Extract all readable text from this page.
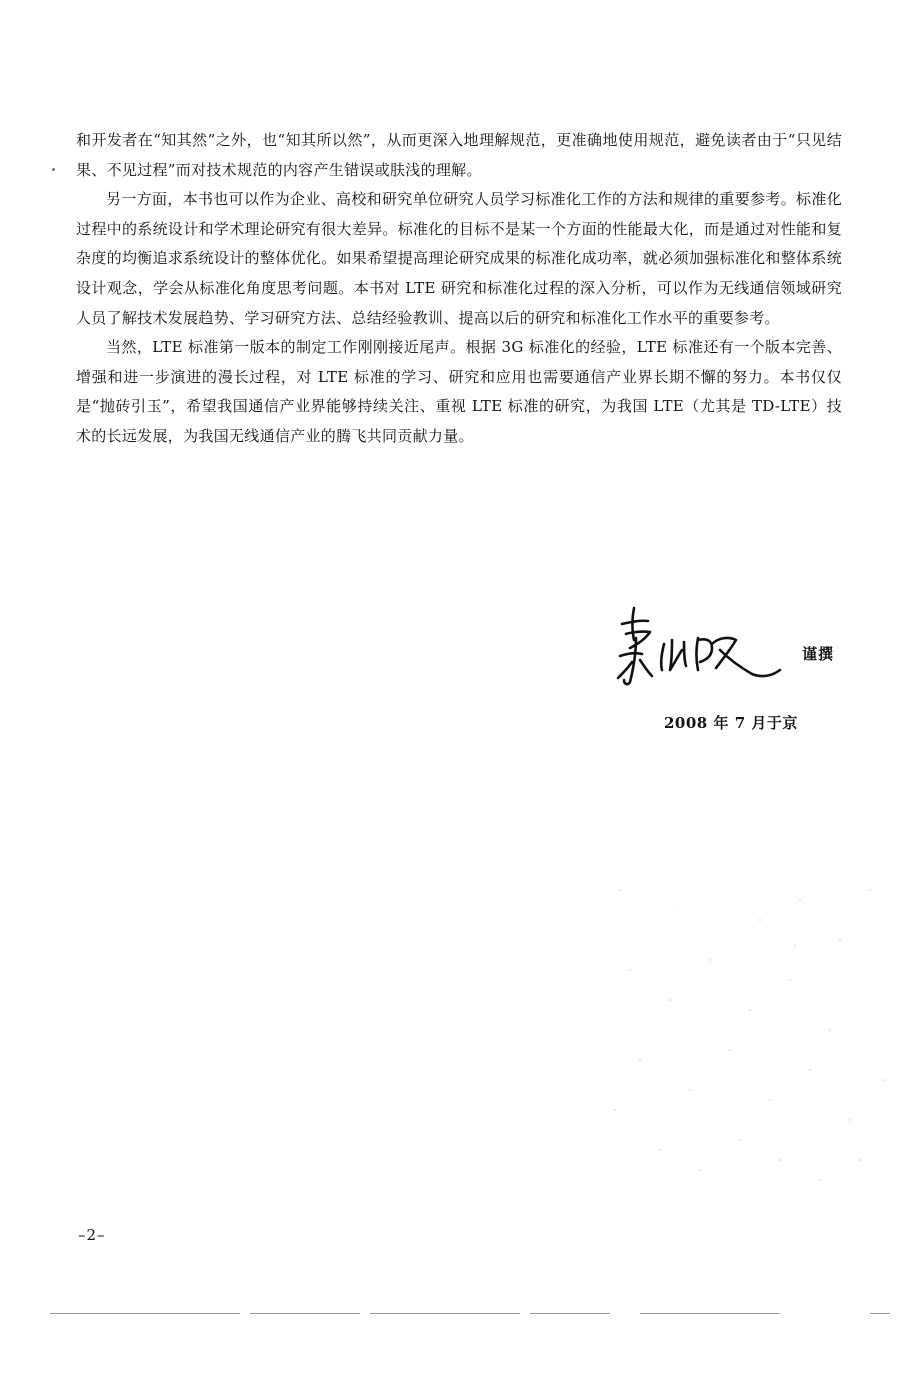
和开发者在“知其然”之外，也“知其所以然”，从而更深入地理解规范，更准确地使用规范，避免读者由于“只见结果、不见过程”而对技术规范的内容产生错误或肤浅的理解。

另一方面，本书也可以作为企业、高校和研究单位研究人员学习标准化工作的方法和规律的重要参考。标准化过程中的系统设计和学术理论研究有很大差异。标准化的目标不是某一个方面的性能最大化，而是通过对性能和复杂度的均衡追求系统设计的整体优化。如果希望提高理论研究成果的标准化成功率，就必须加强标准化和整体系统设计观念，学会从标准化角度思考问题。本书对 LTE 研究和标准化过程的深入分析，可以作为无线通信领域研究人员了解技术发展趋势、学习研究方法、总结经验教训、提高以后的研究和标准化工作水平的重要参考。

当然，LTE 标准第一版本的制定工作刚刚接近尾声。根据 3G 标准化的经验，LTE 标准还有一个版本完善、增强和进一步演进的漫长过程，对 LTE 标准的学习、研究和应用也需要通信产业界长期不懈的努力。本书仅仅是“抛砖引玉”，希望我国通信产业界能够持续关注、重视 LTE 标准的研究，为我国 LTE（尤其是 TD-LTE）技术的长远发展，为我国无线通信产业的腾飞共同贡献力量。

谨撰
2008 年 7 月于京
–2–
